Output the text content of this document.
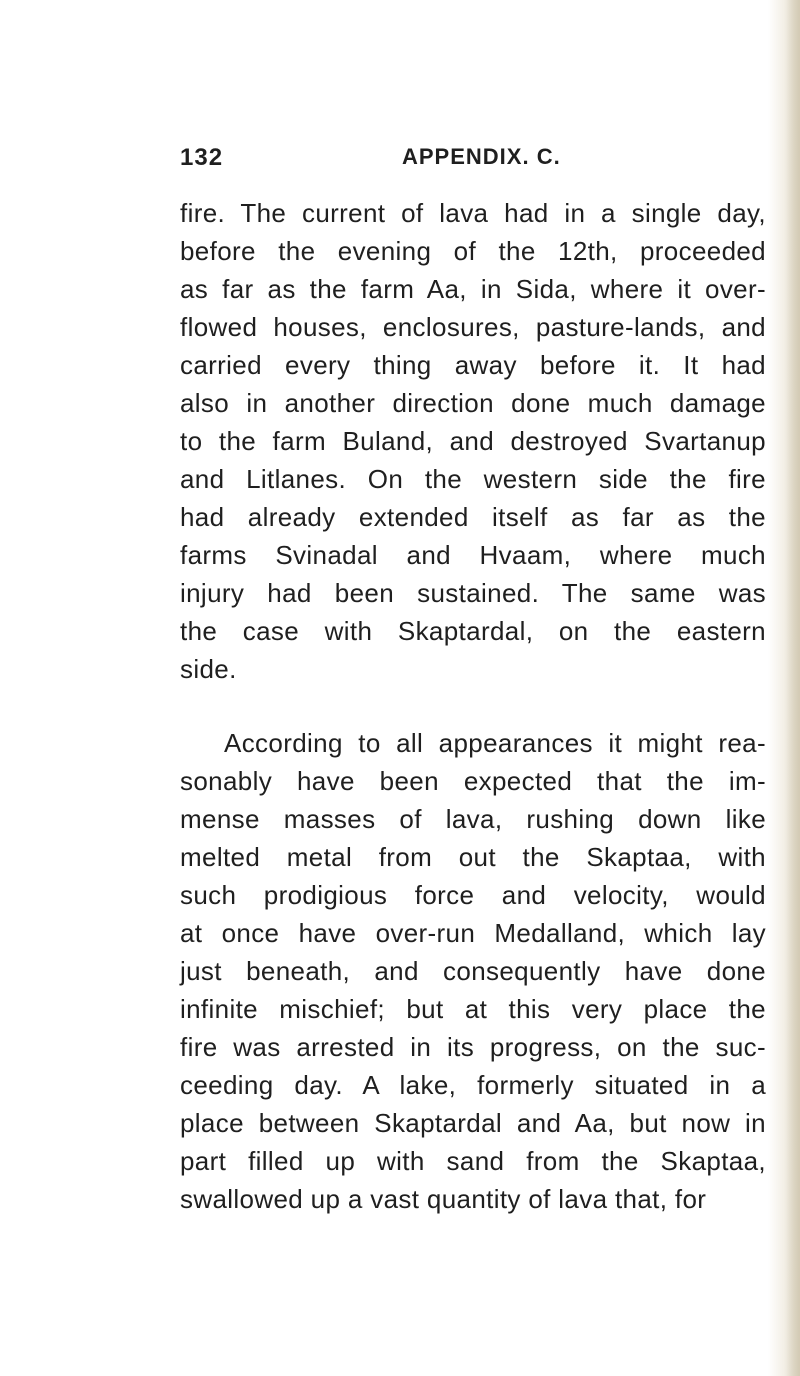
132	APPENDIX. C.
fire. The current of lava had in a single day,
before the evening of the 12th, proceeded
as far as the farm Aa, in Sida, where it over-
flowed houses, enclosures, pasture-lands, and
carried every thing away before it. It had
also in another direction done much damage
to the farm Buland, and destroyed Svartanup
and Litlanes. On the western side the fire
had already extended itself as far as the
farms Svinadal and Hvaam, where much
injury had been sustained. The same was
the case with Skaptardal, on the eastern
side.
According to all appearances it might rea-
sonably have been expected that the im-
mense masses of lava, rushing down like
melted metal from out the Skaptaa, with
such prodigious force and velocity, would
at once have over-run Medalland, which lay
just beneath, and consequently have done
infinite mischief; but at this very place the
fire was arrested in its progress, on the suc-
ceeding day. A lake, formerly situated in a
place between Skaptardal and Aa, but now in
part filled up with sand from the Skaptaa,
swallowed up a vast quantity of lava that, for
